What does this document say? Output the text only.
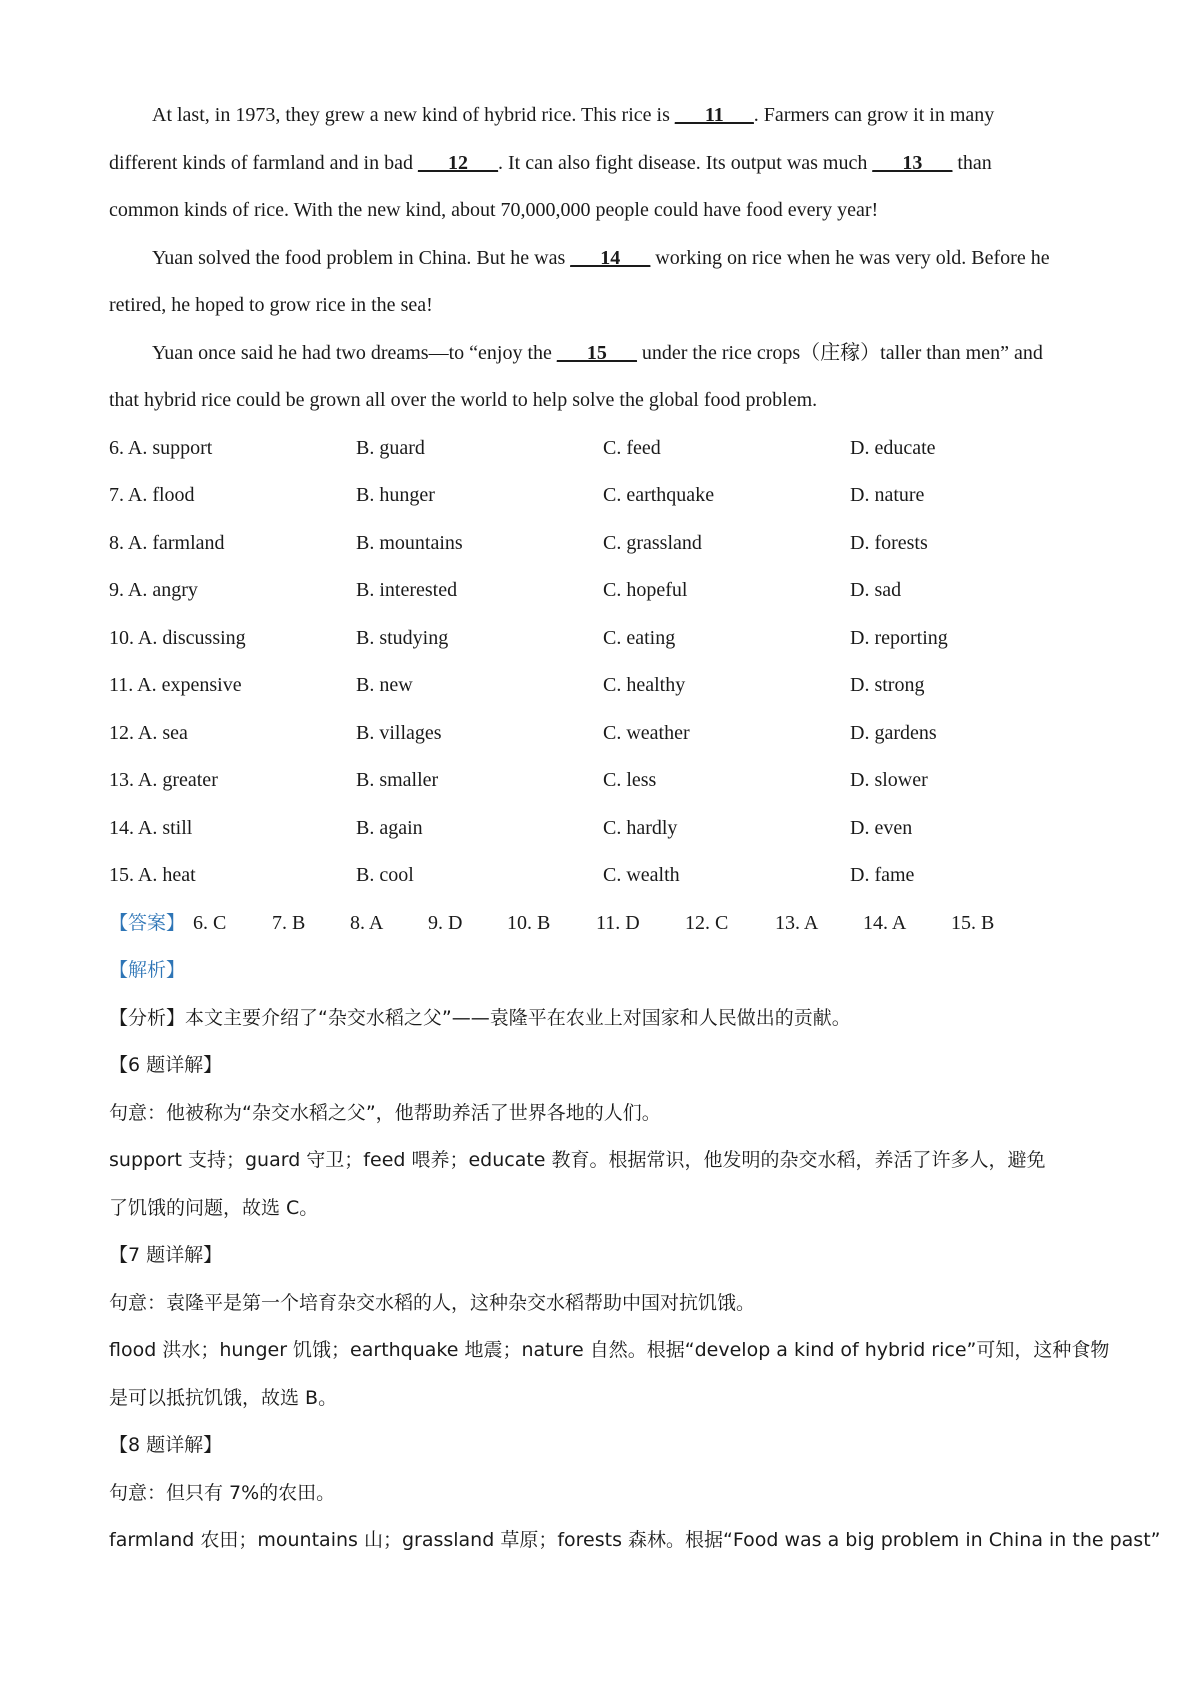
At last, in 1973, they grew a new kind of hybrid rice. This rice is ___11___. Farmers can grow it in many
different kinds of farmland and in bad ___12___. It can also fight disease. Its output was much ___13___ than
common kinds of rice. With the new kind, about 70,000,000 people could have food every year!
Yuan solved the food problem in China. But he was ___14___ working on rice when he was very old. Before he
retired, he hoped to grow rice in the sea!
Yuan once said he had two dreams—to “enjoy the ___15___ under the rice crops（庄稼）taller than men” and
that hybrid rice could be grown all over the world to help solve the global food problem.
6. A. support	B. guard	C. feed	D. educate
7. A. flood	B. hunger	C. earthquake	D. nature
8. A. farmland	B. mountains	C. grassland	D. forests
9. A. angry	B. interested	C. hopeful	D. sad
10. A. discussing	B. studying	C. eating	D. reporting
11. A. expensive	B. new	C. healthy	D. strong
12. A. sea	B. villages	C. weather	D. gardens
13. A. greater	B. smaller	C. less	D. slower
14. A. still	B. again	C. hardly	D. even
15. A. heat	B. cool	C. wealth	D. fame
【答案】 6. C 7. B 8. A 9. D 10. B 11. D 12. C 13. A 14. A 15. B
【解析】
【分析】本文主要介绍了“杂交水稻之父”——袁隆平在农业上对国家和人民做出的贡献。
【6 题详解】
句意：他被称为“杂交水稻之父”，他帮助养活了世界各地的人们。
support 支持；guard 守卫；feed 喂养；educate 教育。根据常识，他发明的杂交水稻，养活了许多人，避免
了饥饿的问题，故选 C。
【7 题详解】
句意：袁隆平是第一个培育杂交水稻的人，这种杂交水稻帮助中国对抗饥饿。
flood 洪水；hunger 饥饿；earthquake 地震；nature 自然。根据“develop a kind of hybrid rice”可知，这种食物
是可以抵抗饥饿，故选 B。
【8 题详解】
句意：但只有 7%的农田。
farmland 农田；mountains 山；grassland 草原；forests 森林。根据“Food was a big problem in China in the past”
